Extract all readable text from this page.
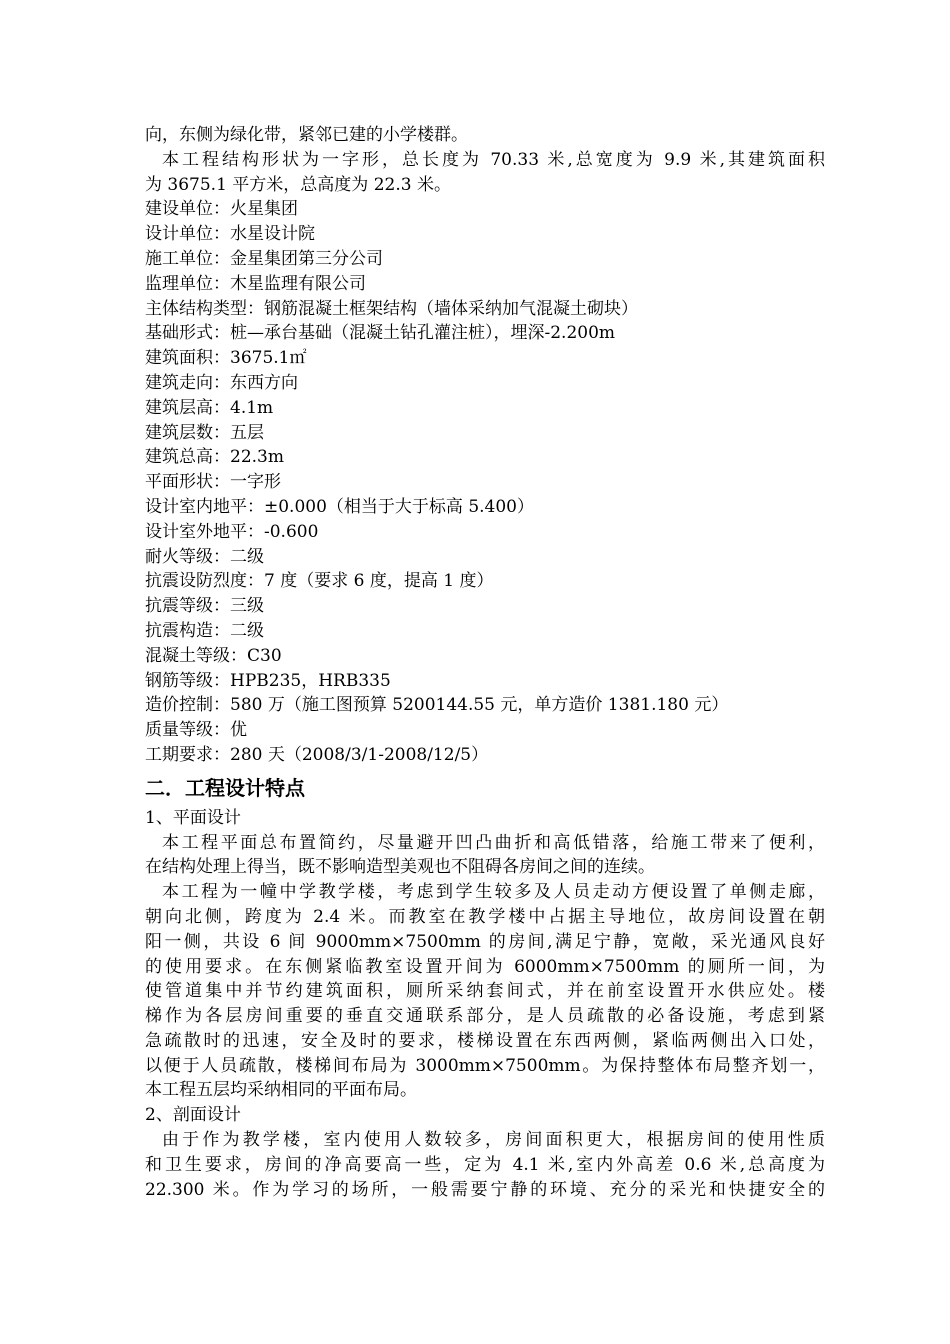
向，东侧为绿化带，紧邻已建的小学楼群。

本工程结构形状为一字形，总长度为 70.33 米,总宽度为 9.9 米,其建筑面积

为 3675.1 平方米，总高度为 22.3 米。

建设单位：火星集团

设计单位：水星设计院

施工单位：金星集团第三分公司

监理单位：木星监理有限公司

主体结构类型：钢筋混凝土框架结构（墙体采纳加气混凝土砌块）

基础形式：桩—承台基础（混凝土钻孔灌注桩），埋深-2.200m

建筑面积：3675.1㎡

建筑走向：东西方向

建筑层高：4.1m

建筑层数：五层

建筑总高：22.3m

平面形状：一字形

设计室内地平：±0.000（相当于大于标高 5.400）

设计室外地平：-0.600

耐火等级：二级

抗震设防烈度：7 度（要求 6 度，提高 1 度）

抗震等级：三级

抗震构造：二级

混凝土等级：C30

钢筋等级：HPB235，HRB335

造价控制：580 万（施工图预算 5200144.55 元，单方造价 1381.180 元）

质量等级：优

工期要求：280 天（2008/3/1-2008/12/5）

二．工程设计特点

1、平面设计

本工程平面总布置简约，尽量避开凹凸曲折和高低错落，给施工带来了便利，

在结构处理上得当，既不影响造型美观也不阻碍各房间之间的连续。

本工程为一幢中学教学楼，考虑到学生较多及人员走动方便设置了单侧走廊，

朝向北侧，跨度为 2.4 米。而教室在教学楼中占据主导地位，故房间设置在朝

阳一侧，共设 6 间 9000mm×7500mm 的房间,满足宁静，宽敞，采光通风良好

的使用要求。在东侧紧临教室设置开间为 6000mm×7500mm 的厕所一间，为

使管道集中并节约建筑面积，厕所采纳套间式，并在前室设置开水供应处。楼

梯作为各层房间重要的垂直交通联系部分，是人员疏散的必备设施，考虑到紧

急疏散时的迅速，安全及时的要求，楼梯设置在东西两侧，紧临两侧出入口处，

以便于人员疏散，楼梯间布局为 3000mm×7500mm。为保持整体布局整齐划一，

本工程五层均采纳相同的平面布局。

2、剖面设计

由于作为教学楼，室内使用人数较多，房间面积更大，根据房间的使用性质

和卫生要求，房间的净高要高一些，定为 4.1 米,室内外高差 0.6 米,总高度为

22.300 米。作为学习的场所，一般需要宁静的环境、充分的采光和快捷安全的
